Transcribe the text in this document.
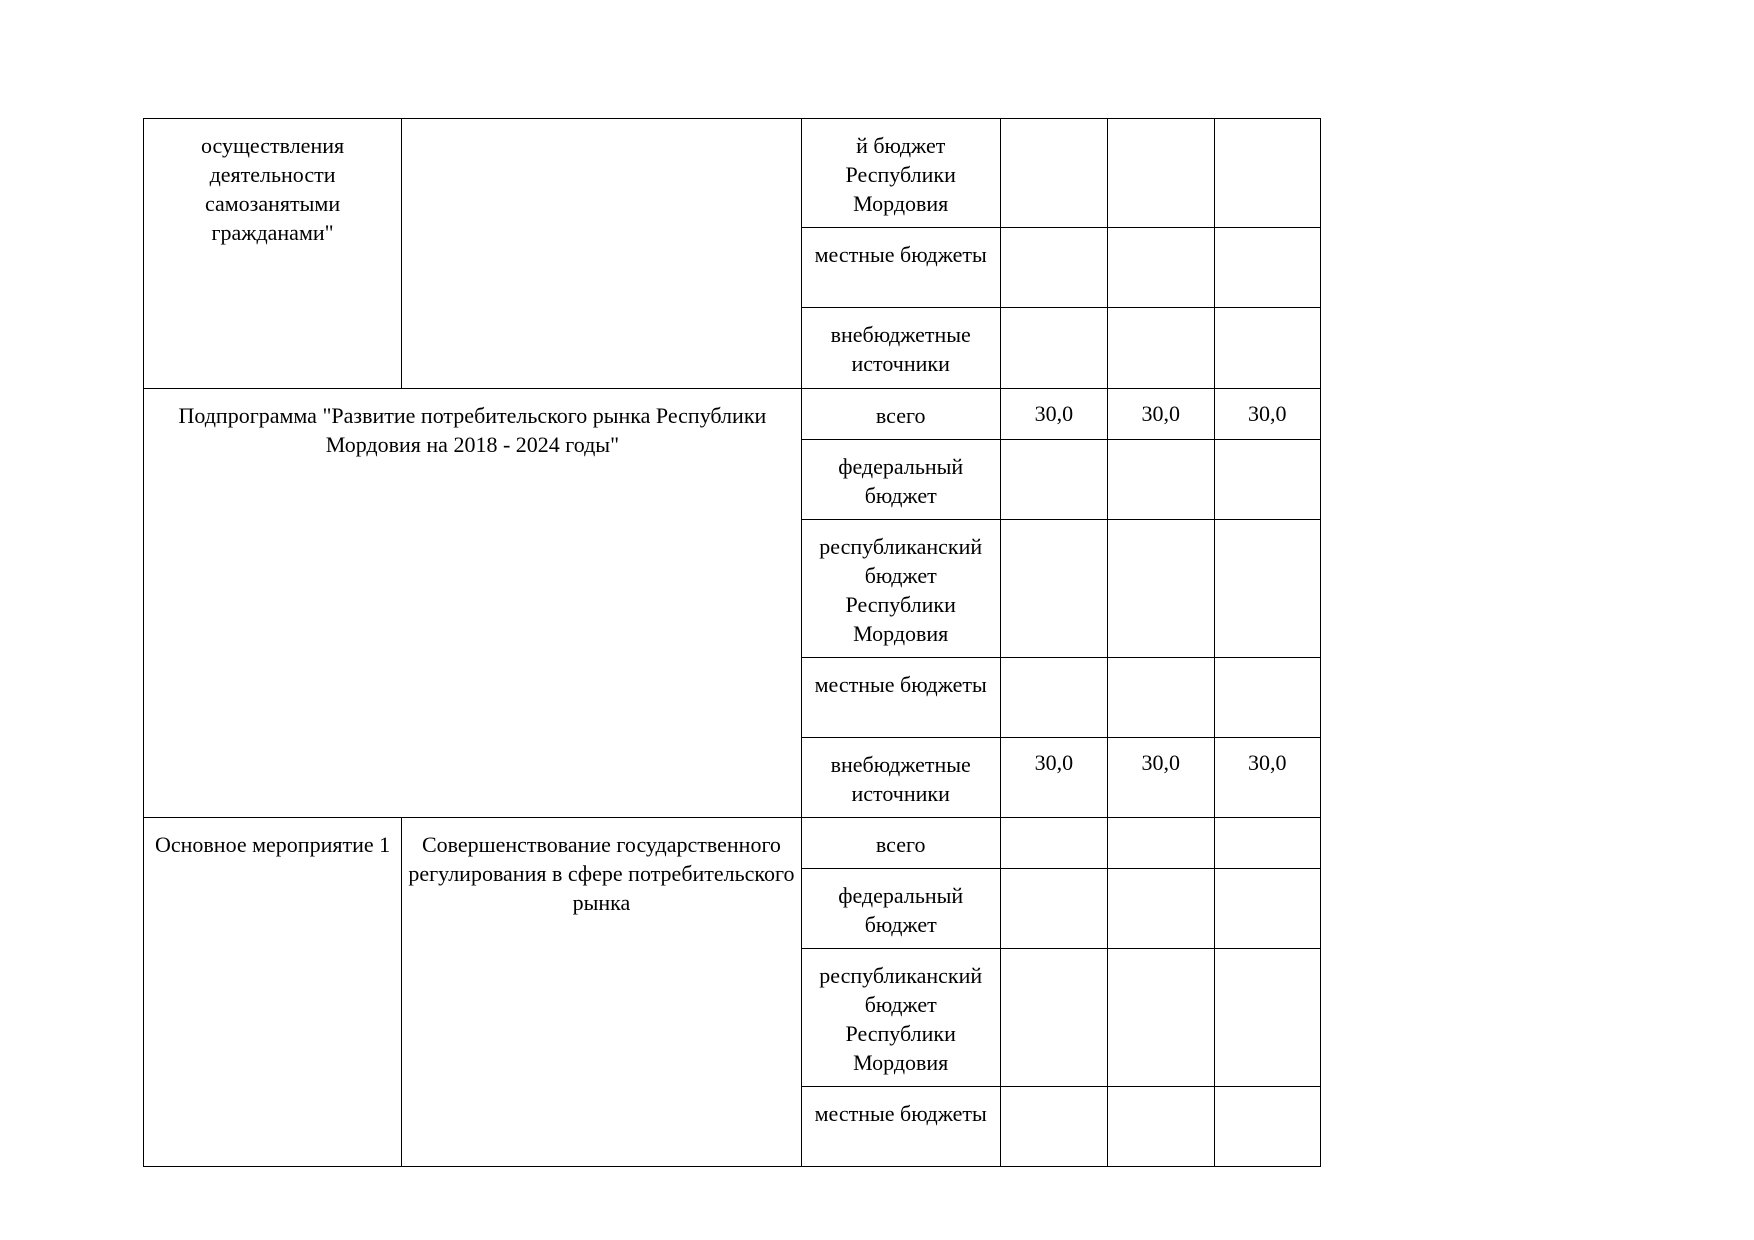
осуществления деятельности самозанятыми гражданами"		й бюджет Республики Мордовия			
		местные бюджеты			
		внебюджетные источники			
Подпрограмма "Развитие потребительского рынка Республики Мордовия на 2018 - 2024 годы"		всего	30,0	30,0	30,0
		федеральный бюджет			
		республиканский бюджет Республики Мордовия			
		местные бюджеты			
		внебюджетные источники	30,0	30,0	30,0
Основное мероприятие 1	Совершенствование государственного регулирования в сфере потребительского рынка	всего			
		федеральный бюджет			
		республиканский бюджет Республики Мордовия			
		местные бюджеты			
